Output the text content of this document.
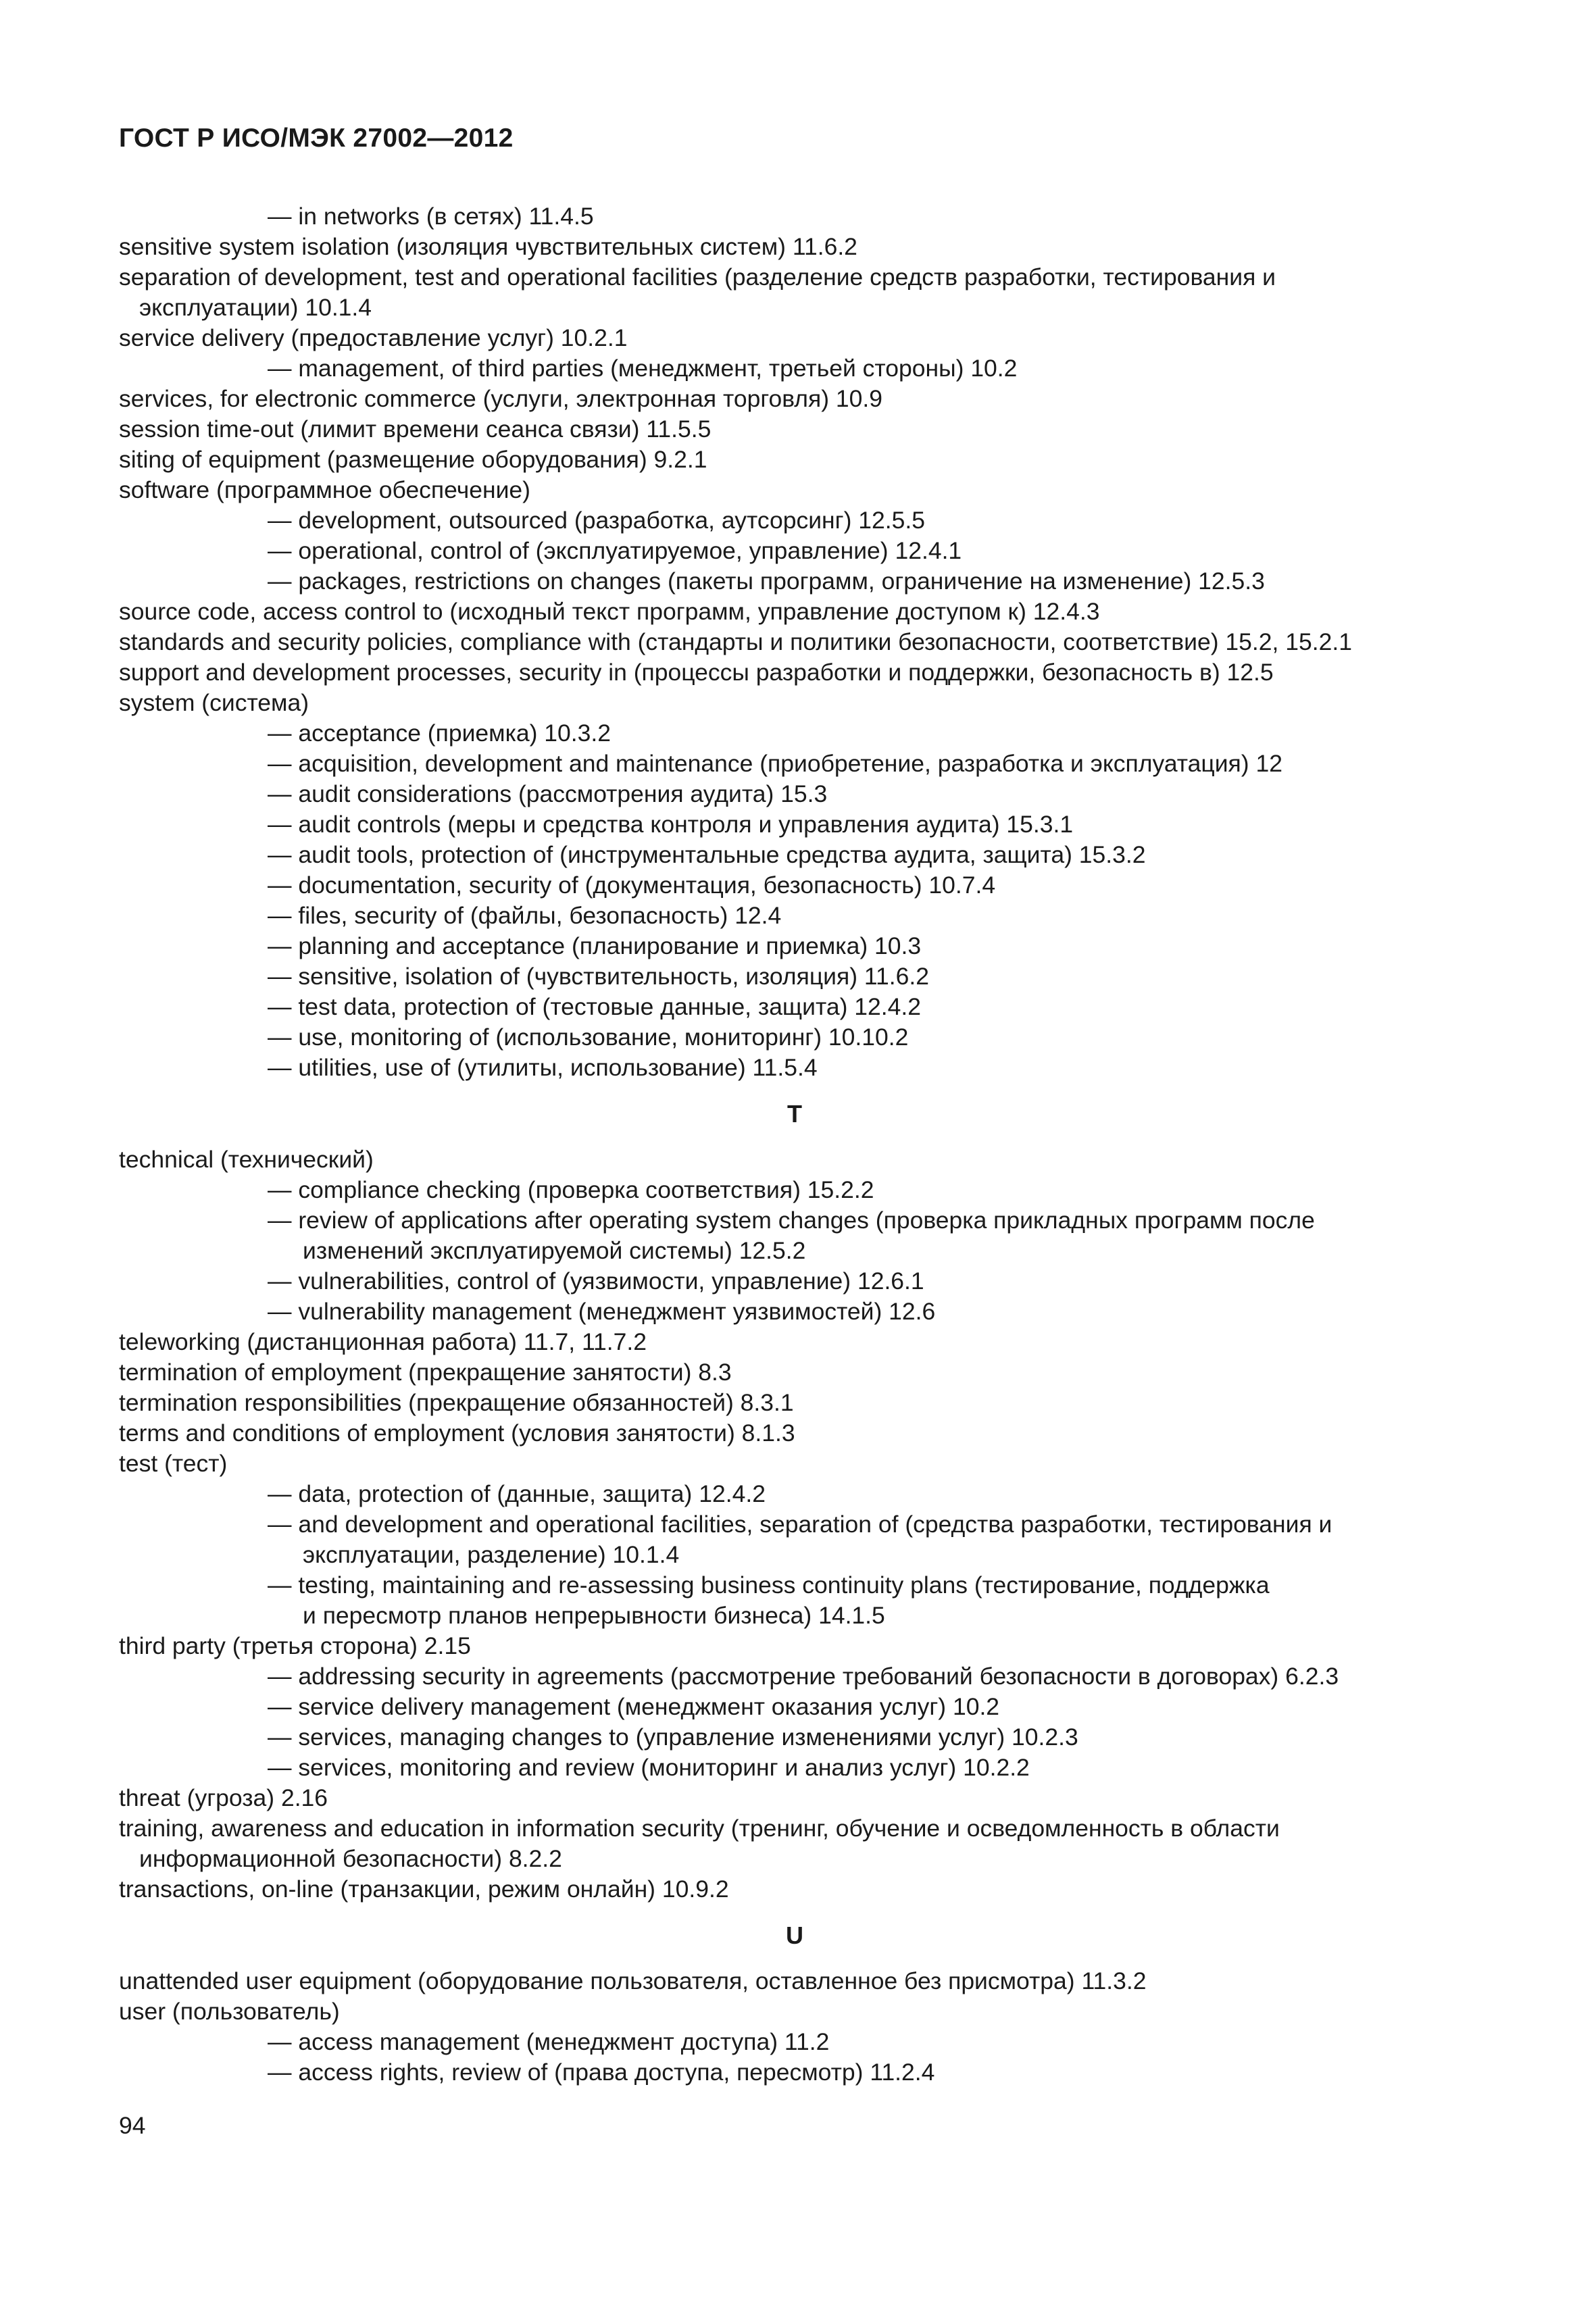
ГОСТ Р ИСО/МЭК 27002—2012
— in networks (в сетях) 11.4.5
sensitive system isolation (изоляция чувствительных систем) 11.6.2
separation of development, test and operational facilities (разделение средств разработки, тестирования и
эксплуатации) 10.1.4
service delivery (предоставление услуг) 10.2.1
— management, of third parties (менеджмент, третьей стороны) 10.2
services, for electronic commerce (услуги, электронная торговля) 10.9
session time-out (лимит времени сеанса связи) 11.5.5
siting of equipment (размещение оборудования) 9.2.1
software (программное обеспечение)
— development, outsourced (разработка, аутсорсинг) 12.5.5
— operational, control of (эксплуатируемое, управление) 12.4.1
— packages, restrictions on changes (пакеты программ, ограничение на изменение) 12.5.3
source code, access control to (исходный текст программ, управление доступом к) 12.4.3
standards and security policies, compliance with (стандарты и политики безопасности, соответствие) 15.2, 15.2.1
support and development processes, security in (процессы разработки и поддержки, безопасность в) 12.5
system (система)
— acceptance (приемка) 10.3.2
— acquisition, development and maintenance (приобретение, разработка и эксплуатация) 12
— audit considerations (рассмотрения аудита) 15.3
— audit controls (меры и средства контроля и управления аудита) 15.3.1
— audit tools, protection of (инструментальные средства аудита, защита) 15.3.2
— documentation, security of (документация, безопасность) 10.7.4
— files, security of (файлы, безопасность) 12.4
— planning and acceptance (планирование и приемка) 10.3
— sensitive, isolation of (чувствительность, изоляция) 11.6.2
— test data, protection of (тестовые данные, защита) 12.4.2
— use, monitoring of (использование, мониторинг) 10.10.2
— utilities, use of (утилиты, использование) 11.5.4
T
technical (технический)
— compliance checking (проверка соответствия) 15.2.2
— review of applications after operating system changes (проверка прикладных программ после
изменений эксплуатируемой системы) 12.5.2
— vulnerabilities, control of (уязвимости, управление) 12.6.1
— vulnerability management (менеджмент уязвимостей) 12.6
teleworking (дистанционная работа) 11.7, 11.7.2
termination of employment (прекращение занятости) 8.3
termination responsibilities (прекращение обязанностей) 8.3.1
terms and conditions of employment (условия занятости) 8.1.3
test (тест)
— data, protection of (данные, защита) 12.4.2
— and development and operational facilities, separation of (средства разработки, тестирования и
эксплуатации, разделение) 10.1.4
— testing, maintaining and re-assessing business continuity plans (тестирование, поддержка
и пересмотр планов непрерывности бизнеса) 14.1.5
third party (третья сторона) 2.15
— addressing security in agreements (рассмотрение требований безопасности в договорах) 6.2.3
— service delivery management (менеджмент оказания услуг) 10.2
— services, managing changes to (управление изменениями услуг) 10.2.3
— services, monitoring and review (мониторинг и анализ услуг) 10.2.2
threat (угроза) 2.16
training, awareness and education in information security (тренинг, обучение и осведомленность в области
информационной безопасности) 8.2.2
transactions, on-line (транзакции, режим онлайн) 10.9.2
U
unattended user equipment (оборудование пользователя, оставленное без присмотра) 11.3.2
user (пользователь)
— access management (менеджмент доступа) 11.2
— access rights, review of (права доступа, пересмотр) 11.2.4
94
